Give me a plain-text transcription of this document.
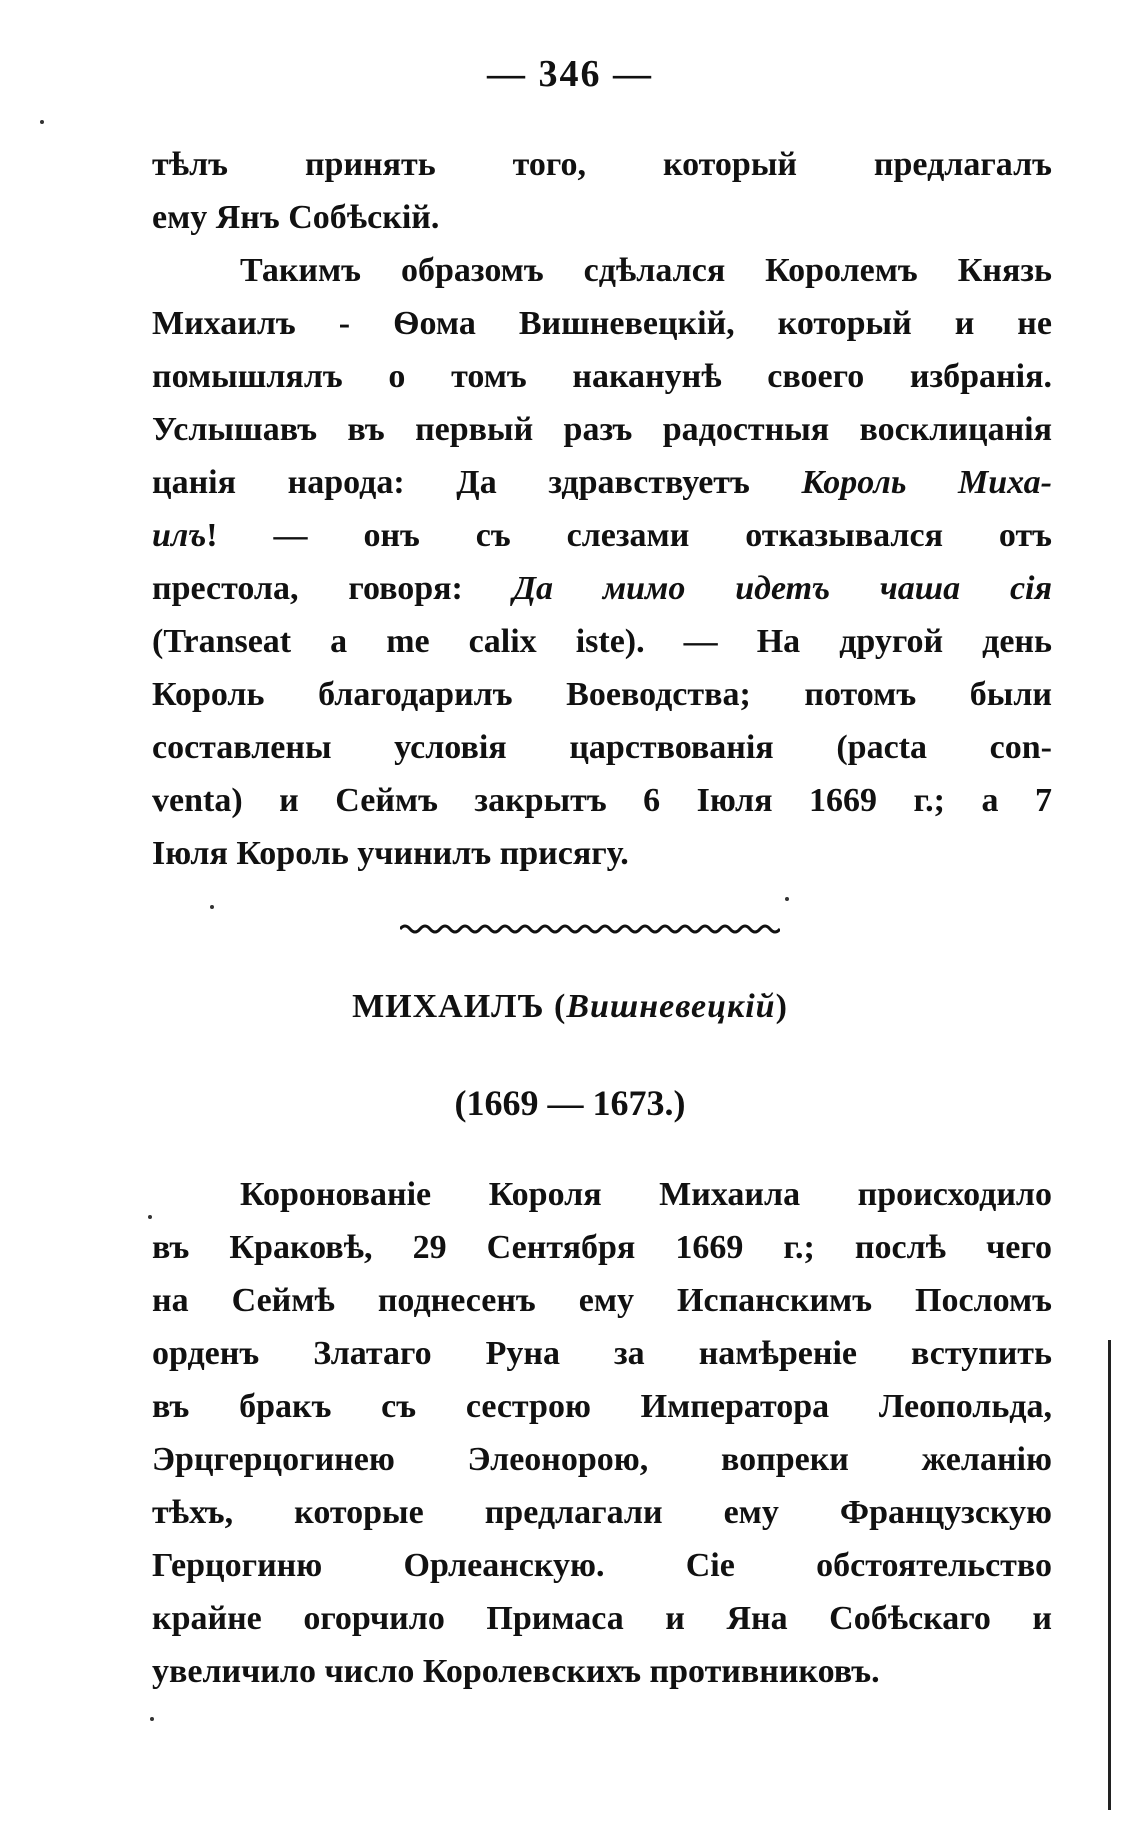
— 346 —
тѣлъ принять того, который предлагалъ
ему Янъ Собѣскій.
Такимъ образомъ сдѣлался Королемъ Князь
Михаилъ - Ѳома Вишневецкій, который и не
помышлялъ о томъ наканунѣ своего избранія.
Услышавъ въ первый разъ радостныя восклицанія
цанія народа: Да здравствуетъ Король Миха-
илъ! — онъ съ слезами отказывался отъ
престола, говоря: Да мимо идетъ чаша сія
(Transeat a me calix iste). — На другой день
Король благодарилъ Воеводства; потомъ были
составлены условія царствованія (pacta con-
venta) и Сеймъ закрытъ 6 Іюля 1669 г.; а 7
Іюля Король учинилъ присягу.
МИХАИЛЪ (Вишневецкій)
(1669 — 1673.)
Коронованіе Короля Михаила происходило
въ Краковѣ, 29 Сентября 1669 г.; послѣ чего
на Сеймѣ поднесенъ ему Испанскимъ Посломъ
орденъ Златаго Руна за намѣреніе вступить
въ бракъ съ сестрою Императора Леопольда,
Эрцгерцогинею Элеонорою, вопреки желанію
тѣхъ, которые предлагали ему Французскую
Герцогиню Орлеанскую. Сіе обстоятельство
крайне огорчило Примаса и Яна Собѣскаго и
увеличило число Королевскихъ противниковъ.
